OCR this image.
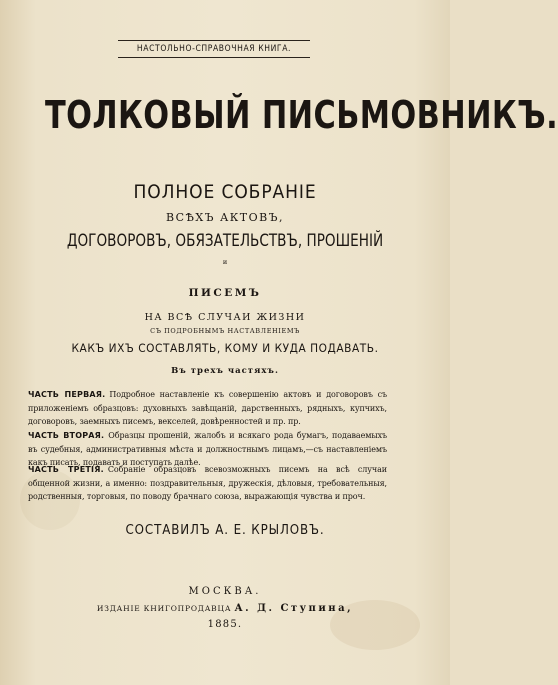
НАСТОЛЬНО-СПРАВОЧНАЯ КНИГА.
ТОЛКОВЫЙ ПИСЬМОВНИКЪ.
ПОЛНОЕ СОБРАНІЕ
ВСѢХЪ АКТОВЪ,
ДОГОВОРОВЪ, ОБЯЗАТЕЛЬСТВЪ, ПРОШЕНІЙ
и
ПИСЕМЪ
НА ВСѢ СЛУЧАИ ЖИЗНИ
СЪ ПОДРОБНЫМЪ НАСТАВЛЕНІЕМЪ
КАКЪ ИХЪ СОСТАВЛЯТЬ, КОМУ И КУДА ПОДАВАТЬ.
Въ трехъ частяхъ.
ЧАСТЬ ПЕРВАЯ. Подробное наставленіе къ совершенію актовъ и договоровъ съ приложеніемъ образцовъ: духовныхъ завѣщаній, дарственныхъ, рядныхъ, купчихъ, договоровъ, заемныхъ писемъ, векселей, довѣренностей и пр. пр.
ЧАСТЬ ВТОРАЯ. Образцы прошеній, жалобъ и всякаго рода бумагъ, подаваемыхъ въ судебныя, административныя мѣста и должностнымъ лицамъ,—съ наставленіемъ какъ писать, подавать и поступать далѣе.
ЧАСТЬ ТРЕТІЯ. Собраніе образцовъ всевозможныхъ писемъ на всѣ случаи общенной жизни, а именно: поздравительныя, дружескія, дѣловыя, требовательныя, родственныя, торговыя, по поводу брачнаго союза, выражающія чувства и проч.
СОСТАВИЛЪ А. Е. КРЫЛОВЪ.
МОСКВА.
ИЗДАНІЕ КНИГОПРОДАВЦА А. Д. Ступина,
1885.
